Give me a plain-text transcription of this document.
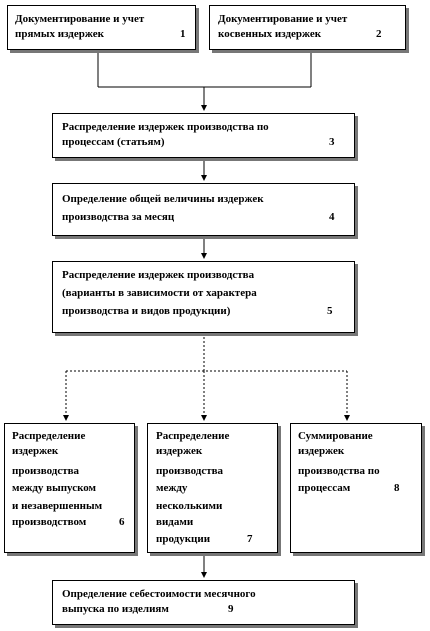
Документирование и учет
прямых издержек	1
Документирование и учет
косвенных издержек	2
Распределение издержек производства по
процессам (статьям)	3
Определение общей величины издержек
производства за месяц	4
Распределение издержек производства
(варианты в зависимости от характера
производства и видов продукции)	5
Распределение
издержек
производства
между выпуском
и незавершенным
производством	6
Распределение
издержек
производства
между
несколькими
видами
продукции	7
Суммирование
издержек
производства по
процессам	8
Определение себестоимости месячного
выпуска по изделиям	9
